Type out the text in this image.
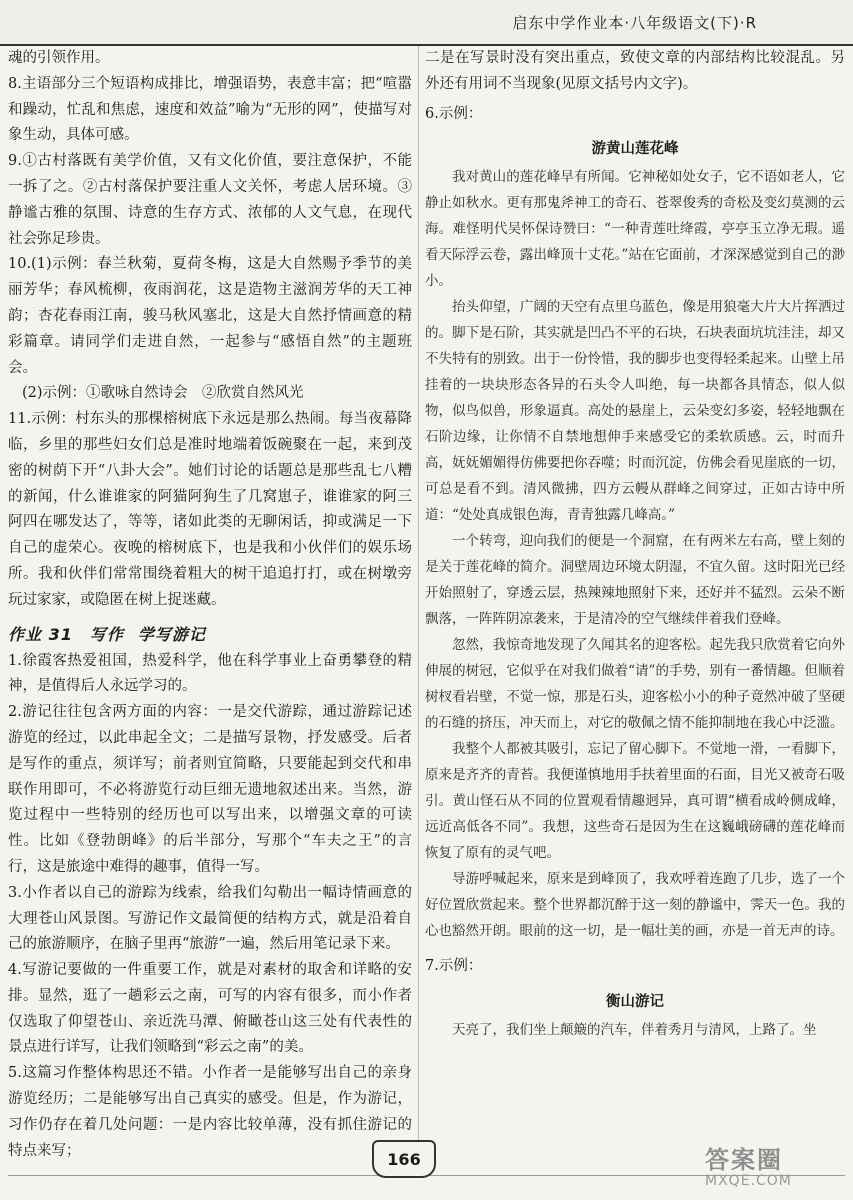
启东中学作业本·八年级语文(下)·R

魂的引领作用。

8.主语部分三个短语构成排比，增强语势，表意丰富；把“喧嚣和躁动，忙乱和焦虑，速度和效益”喻为“无形的网”，使描写对象生动，具体可感。

9.①古村落既有美学价值，又有文化价值，要注意保护，不能一拆了之。②古村落保护要注重人文关怀，考虑人居环境。③静谧古雅的氛围、诗意的生存方式、浓郁的人文气息，在现代社会弥足珍贵。

10.(1)示例：春兰秋菊，夏荷冬梅，这是大自然赐予季节的美丽芳华；春风梳柳，夜雨润花，这是造物主滋润芳华的天工神韵；杏花春雨江南，骏马秋风塞北，这是大自然抒情画意的精彩篇章。请同学们走进自然，一起参与“感悟自然”的主题班会。

(2)示例：①歌咏自然诗会　②欣赏自然风光

11.示例：村东头的那棵榕树底下永远是那么热闹。每当夜幕降临，乡里的那些妇女们总是准时地端着饭碗聚在一起，来到茂密的树荫下开“八卦大会”。她们讨论的话题总是那些乱七八糟的新闻，什么谁谁家的阿猫阿狗生了几窝崽子，谁谁家的阿三阿四在哪发达了，等等，诸如此类的无聊闲话，抑或满足一下自己的虚荣心。夜晚的榕树底下，也是我和小伙伴们的娱乐场所。我和伙伴们常常围绕着粗大的树干追追打打，或在树墩旁玩过家家，或隐匿在树上捉迷藏。

作业 31　写作 学写游记

1.徐霞客热爱祖国，热爱科学，他在科学事业上奋勇攀登的精神，是值得后人永远学习的。

2.游记往往包含两方面的内容：一是交代游踪，通过游踪记述游览的经过，以此串起全文；二是描写景物，抒发感受。后者是写作的重点，须详写；前者则宜简略，只要能起到交代和串联作用即可，不必将游览行动巨细无遗地叙述出来。当然，游览过程中一些特别的经历也可以写出来，以增强文章的可读性。比如《登勃朗峰》的后半部分，写那个“车夫之王”的言行，这是旅途中难得的趣事，值得一写。

3.小作者以自己的游踪为线索，给我们勾勒出一幅诗情画意的大理苍山风景图。写游记作文最简便的结构方式，就是沿着自己的旅游顺序，在脑子里再“旅游”一遍，然后用笔记录下来。

4.写游记要做的一件重要工作，就是对素材的取舍和详略的安排。显然，逛了一趟彩云之南，可写的内容有很多，而小作者仅选取了仰望苍山、亲近洗马潭、俯瞰苍山这三处有代表性的景点进行详写，让我们领略到“彩云之南”的美。

5.这篇习作整体构思还不错。小作者一是能够写出自己的亲身游览经历；二是能够写出自己真实的感受。但是，作为游记，习作仍存在着几处问题：一是内容比较单薄，没有抓住游记的特点来写；

二是在写景时没有突出重点，致使文章的内部结构比较混乱。另外还有用词不当现象(见原文括号内文字)。

6.示例：

游黄山莲花峰

我对黄山的莲花峰早有所闻。它神秘如处女子，它不语如老人，它静止如秋水。更有那鬼斧神工的奇石、苍翠俊秀的奇松及变幻莫测的云海。难怪明代吴怀保诗赞曰：“一种青莲吐绛霞，亭亭玉立净无瑕。遥看天际浮云卷，露出峰顶十丈花。”站在它面前，才深深感觉到自己的渺小。

抬头仰望，广阔的天空有点里乌蓝色，像是用狼毫大片大片挥洒过的。脚下是石阶，其实就是凹凸不平的石块，石块表面坑坑洼洼，却又不失特有的别致。出于一份怜惜，我的脚步也变得轻柔起来。山壁上吊挂着的一块块形态各异的石头令人叫绝，每一块都各具情态，似人似物，似鸟似兽，形象逼真。高处的悬崖上，云朵变幻多姿，轻轻地飘在石阶边缘，让你情不自禁地想伸手来感受它的柔软质感。云，时而升高，妩妩媚媚得仿佛要把你吞噬；时而沉淀，仿佛会看见崖底的一切，可总是看不到。清风微拂，四方云幔从群峰之间穿过，正如古诗中所道：“处处真成银色海，青青独露几峰高。”

一个转弯，迎向我们的便是一个洞窟，在有两米左右高，壁上刻的是关于莲花峰的简介。洞壁周边环境太阴湿，不宜久留。这时阳光已经开始照射了，穿透云层，热辣辣地照射下来，还好并不猛烈。云朵不断飘落，一阵阵阴凉袭来，于是清冷的空气继续伴着我们登峰。

忽然，我惊奇地发现了久闻其名的迎客松。起先我只欣赏着它向外伸展的树冠，它似乎在对我们做着“请”的手势，别有一番情趣。但顺着树杈看岩壁，不觉一惊，那是石头，迎客松小小的种子竟然冲破了坚硬的石缝的挤压，冲天而上，对它的敬佩之情不能抑制地在我心中泛滥。

我整个人都被其吸引，忘记了留心脚下。不觉地一滑，一看脚下，原来是齐齐的青苔。我便谨慎地用手扶着里面的石面，目光又被奇石吸引。黄山怪石从不同的位置观看情趣迥异，真可谓“横看成岭侧成峰，远近高低各不同”。我想，这些奇石是因为生在这巍峨磅礴的莲花峰而恢复了原有的灵气吧。

导游呼喊起来，原来是到峰顶了，我欢呼着连跑了几步，选了一个好位置欣赏起来。整个世界都沉醉于这一刻的静谧中，霁天一色。我的心也豁然开朗。眼前的这一切，是一幅壮美的画，亦是一首无声的诗。

7.示例：

衡山游记

天亮了，我们坐上颠簸的汽车，伴着秀月与清风，上路了。坐

166	答案圈
MXQE.COM
